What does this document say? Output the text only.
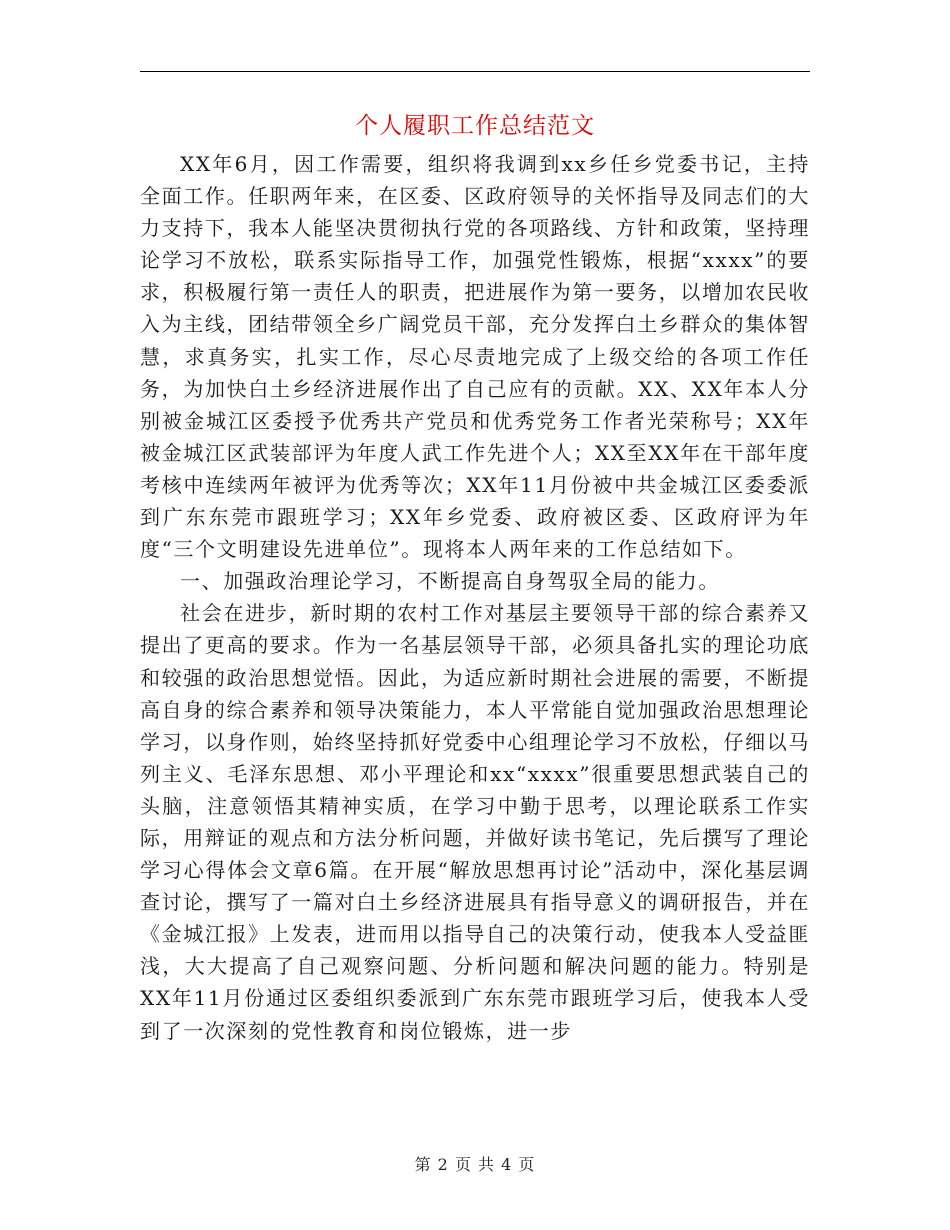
个人履职工作总结范文

XX年6月，因工作需要，组织将我调到xx乡任乡党委书记，主持全面工作。任职两年来，在区委、区政府领导的关怀指导及同志们的大力支持下，我本人能坚决贯彻执行党的各项路线、方针和政策，坚持理论学习不放松，联系实际指导工作，加强党性锻炼，根据“xxxx”的要求，积极履行第一责任人的职责，把进展作为第一要务，以增加农民收入为主线，团结带领全乡广阔党员干部，充分发挥白土乡群众的集体智慧，求真务实，扎实工作，尽心尽责地完成了上级交给的各项工作任务，为加快白土乡经济进展作出了自己应有的贡献。XX、XX年本人分别被金城江区委授予优秀共产党员和优秀党务工作者光荣称号；XX年被金城江区武装部评为年度人武工作先进个人；XX至XX年在干部年度考核中连续两年被评为优秀等次；XX年11月份被中共金城江区委委派到广东东莞市跟班学习；XX年乡党委、政府被区委、区政府评为年度“三个文明建设先进单位”。现将本人两年来的工作总结如下。

一、加强政治理论学习，不断提高自身驾驭全局的能力。

社会在进步，新时期的农村工作对基层主要领导干部的综合素养又提出了更高的要求。作为一名基层领导干部，必须具备扎实的理论功底和较强的政治思想觉悟。因此，为适应新时期社会进展的需要，不断提高自身的综合素养和领导决策能力，本人平常能自觉加强政治思想理论学习，以身作则，始终坚持抓好党委中心组理论学习不放松，仔细以马列主义、毛泽东思想、邓小平理论和xx“xxxx”很重要思想武装自己的头脑，注意领悟其精神实质，在学习中勤于思考，以理论联系工作实际，用辩证的观点和方法分析问题，并做好读书笔记，先后撰写了理论学习心得体会文章6篇。在开展“解放思想再讨论”活动中，深化基层调查讨论，撰写了一篇对白土乡经济进展具有指导意义的调研报告，并在《金城江报》上发表，进而用以指导自己的决策行动，使我本人受益匪浅，大大提高了自己观察问题、分析问题和解决问题的能力。特别是XX年11月份通过区委组织委派到广东东莞市跟班学习后，使我本人受到了一次深刻的党性教育和岗位锻炼，进一步

第 2 页 共 4 页
